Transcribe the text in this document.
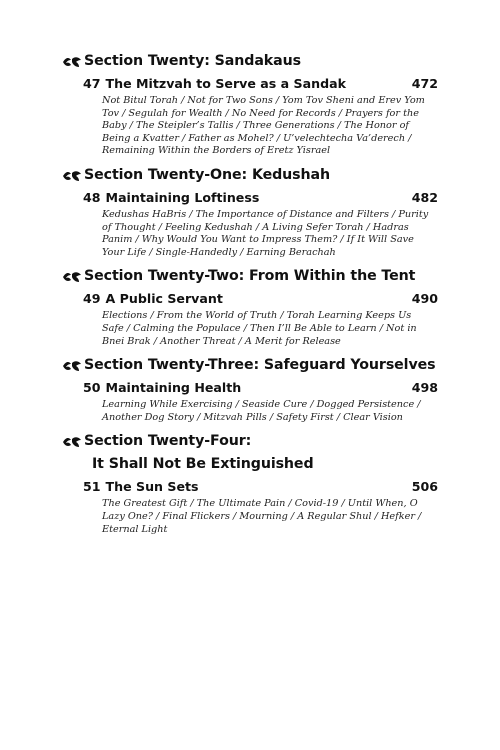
Section Twenty: Sandakaus
47 The Mitzvah to Serve as a Sandak	472
Not Bitul Torah / Not for Two Sons / Yom Tov Sheni and Erev Yom Tov / Segulah for Wealth / No Need for Records / Prayers for the Baby / The Steipler’s Tallis / Three Generations / The Honor of Being a Kvatter / Father as Mohel? / U’velechtecha Va’derech / Remaining Within the Borders of Eretz Yisrael
Section Twenty-One: Kedushah
48 Maintaining Loftiness	482
Kedushas HaBris / The Importance of Distance and Filters / Purity of Thought / Feeling Kedushah / A Living Sefer Torah / Hadras Panim / Why Would You Want to Impress Them? / If It Will Save Your Life / Single-Handedly / Earning Berachah
Section Twenty-Two: From Within the Tent
49 A Public Servant	490
Elections / From the World of Truth / Torah Learning Keeps Us Safe / Calming the Populace / Then I’ll Be Able to Learn / Not in Bnei Brak / Another Threat / A Merit for Release
Section Twenty-Three: Safeguard Yourselves
50 Maintaining Health	498
Learning While Exercising / Seaside Cure / Dogged Persistence / Another Dog Story / Mitzvah Pills / Safety First / Clear Vision
Section Twenty-Four:
It Shall Not Be Extinguished
51 The Sun Sets	506
The Greatest Gift / The Ultimate Pain / Covid-19 / Until When, O Lazy One? / Final Flickers / Mourning / A Regular Shul / Hefker / Eternal Light
